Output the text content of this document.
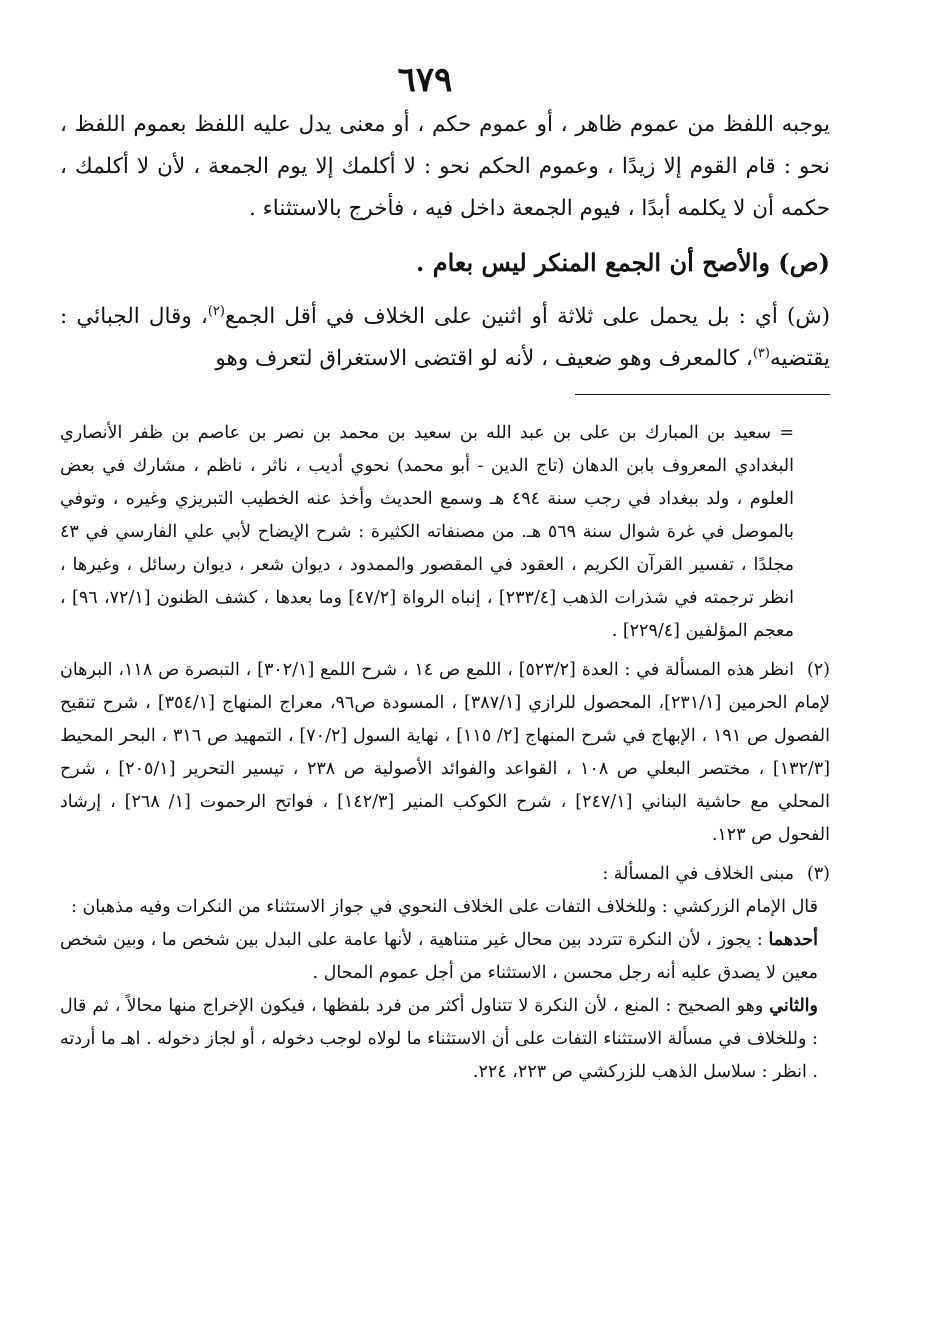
٦٧٩

يوجبه اللفظ من عموم ظاهر ، أو عموم حكم ، أو معنى يدل عليه اللفظ بعموم اللفظ ، نحو : قام القوم إلا زيدًا ، وعموم الحكم نحو : لا أكلمك إلا يوم الجمعة ، لأن لا أكلمك ، حكمه أن لا يكلمه أبدًا ، فيوم الجمعة داخل فيه ، فأخرج بالاستثناء .

(ص) والأصح أن الجمع المنكر ليس بعام .

(ش) أي : بل يحمل على ثلاثة أو اثنين على الخلاف في أقل الجمع$^{(٢)}$، وقال الجبائي : يقتضيه$^{(٣)}$، كالمعرف وهو ضعيف ، لأنه لو اقتضى الاستغراق لتعرف وهو

= سعيد بن المبارك بن على بن عبد الله بن سعيد بن محمد بن نصر بن عاصم بن ظفر الأنصاري البغدادي المعروف بابن الدهان (تاج الدين - أبو محمد) نحوي أديب ، ناثر ، ناظم ، مشارك في بعض العلوم ، ولد ببغداد في رجب سنة ٤٩٤ هـ وسمع الحديث وأخذ عنه الخطيب التبريزي وغيره ، وتوفي بالموصل في غرة شوال سنة ٥٦٩ هـ. من مصنفاته الكثيرة : شرح الإيضاح لأبي علي الفارسي في ٤٣ مجلدًا ، تفسير القرآن الكريم ، العقود في المقصور والممدود ، ديوان شعر ، ديوان رسائل ، وغيرها ، انظر ترجمته في شذرات الذهب [٢٣٣/٤] ، إنباه الرواة [٤٧/٢] وما بعدها ، كشف الظنون [٧٢/١، ٩٦] ، معجم المؤلفين [٢٢٩/٤] .

(٢)انظر هذه المسألة في : العدة [٥٢٣/٢] ، اللمع ص ١٤ ، شرح اللمع [٣٠٢/١] ، التبصرة ص ١١٨، البرهان لإمام الحرمين [٢٣١/١]، المحصول للرازي [٣٨٧/١] ، المسودة ص٩٦، معراج المنهاج [٣٥٤/١] ، شرح تنقيح الفصول ص ١٩١ ، الإبهاج في شرح المنهاج [٢/ ١١٥] ، نهاية السول [٧٠/٢] ، التمهيد ص ٣١٦ ، البحر المحيط [١٣٢/٣] ، مختصر البعلي ص ١٠٨ ، القواعد والفوائد الأصولية ص ٢٣٨ ، تيسير التحرير [٢٠٥/١] ، شرح المحلي مع حاشية البناني [٢٤٧/١] ، شرح الكوكب المنير [١٤٢/٣] ، فواتح الرحموت [١/ ٢٦٨] ، إرشاد الفحول ص ١٢٣.

(٣)مبنى الخلاف في المسألة :

قال الإمام الزركشي : وللخلاف التفات على الخلاف النحوي في جواز الاستثناء من النكرات وفيه مذهبان :

أحدهما : يجوز ، لأن النكرة تتردد بين محال غير متناهية ، لأنها عامة على البدل بين شخص ما ، وبين شخص معين لا يصدق عليه أنه رجل محسن ، الاستثناء من أجل عموم المحال .

والثاني وهو الصحيح : المنع ، لأن النكرة لا تتناول أكثر من فرد بلفظها ، فيكون الإخراج منها محالاً ، ثم قال : وللخلاف في مسألة الاستثناء التفات على أن الاستثناء ما لولاه لوجب دخوله ، أو لجاز دخوله . اهـ ما أردته . انظر : سلاسل الذهب للزركشي ص ٢٢٣، ٢٢٤.
